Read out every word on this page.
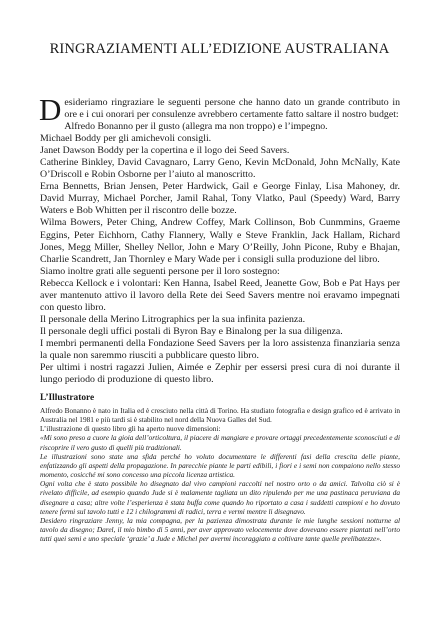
RINGRAZIAMENTI ALL’EDIZIONE AUSTRALIANA

Desideriamo ringraziare le seguenti persone che hanno dato un grande contributo in ore e i cui onorari per consulenze avrebbero certamente fatto saltare il nostro budget:

Alfredo Bonanno per il gusto (allegra ma non troppo) e l’impegno.

Michael Boddy per gli amichevoli consigli.

Janet Dawson Boddy per la copertina e il logo dei Seed Savers.

Catherine Binkley, David Cavagnaro, Larry Geno, Kevin McDonald, John McNally, Kate O’Driscoll e Robin Osborne per l’aiuto al manoscritto.

Erna Bennetts, Brian Jensen, Peter Hardwick, Gail e George Finlay, Lisa Mahoney, dr. David Murray, Michael Porcher, Jamil Rahal, Tony Vlatko, Paul (Speedy) Ward, Barry Waters e Bob Whitten per il riscontro delle bozze.

Wilma Bowers, Peter Ching, Andrew Coffey, Mark Collinson, Bob Cunmmins, Graeme Eggins, Peter Eichhorn, Cathy Flannery, Wally e Steve Franklin, Jack Hallam, Richard Jones, Megg Miller, Shelley Nellor, John e Mary O’Reilly, John Picone, Ruby e Bhajan, Charlie Scandrett, Jan Thornley e Mary Wade per i consigli sulla produzione del libro.

Siamo inoltre grati alle seguenti persone per il loro sostegno:

Rebecca Kellock e i volontari: Ken Hanna, Isabel Reed, Jeanette Gow, Bob e Pat Hays per aver mantenuto attivo il lavoro della Rete dei Seed Savers mentre noi eravamo impegnati con questo libro.

Il personale della Merino Litrographics per la sua infinita pazienza.

Il personale degli uffici postali di Byron Bay e Binalong per la sua diligenza.

I membri permanenti della Fondazione Seed Savers per la loro assistenza finanziaria senza la quale non saremmo riusciti a pubblicare questo libro.

Per ultimi i nostri ragazzi Julien, Aimée e Zephir per essersi presi cura di noi durante il lungo periodo di produzione di questo libro.

L’Illustratore

Alfredo Bonanno è nato in Italia ed è cresciuto nella città di Torino. Ha studiato fotografia e design grafico ed è arrivato in Australia nel 1981 e più tardi si è stabilito nel nord della Nuova Galles del Sud.

L’illustrazione di questo libro gli ha aperto nuove dimensioni:

«Mi sono preso a cuore la gioia dell’orticoltura, il piacere di mangiare e provare ortaggi precedentemente sconosciuti e di riscoprire il vero gusto di quelli più tradizionali.

Le illustrazioni sono state una sfida perché ho voluto documentare le differenti fasi della crescita delle piante, enfatizzando gli aspetti della propagazione. In parecchie piante le parti edibili, i fiori e i semi non compaiono nello stesso momento, cosicché mi sono concesso una piccola licenza artistica.

Ogni volta che è stato possibile ho disegnato dal vivo campioni raccolti nel nostro orto o da amici. Talvolta ciò si è rivelato difficile, ad esempio quando Jude si è malamente tagliata un dito ripulendo per me una pastinaca peruviana da disegnare a casa; altre volte l’esperienza è stata buffa come quando ho riportato a casa i suddetti campioni e ho dovuto tenere fermi sul tavolo tutti e 12 i chilogrammi di radici, terra e vermi mentre li disegnavo.

Desidero ringraziare Jenny, la mia compagna, per la pazienza dimostrata durante le mie lunghe sessioni notturne al tavolo da disegno; Darel, il mio bimbo di 5 anni, per aver approvato velocemente dove dovevano essere piantati nell’orto tutti quei semi e uno speciale ‘grazie’ a Jude e Michel per avermi incoraggiato a coltivare tante quelle prelibatezze».
